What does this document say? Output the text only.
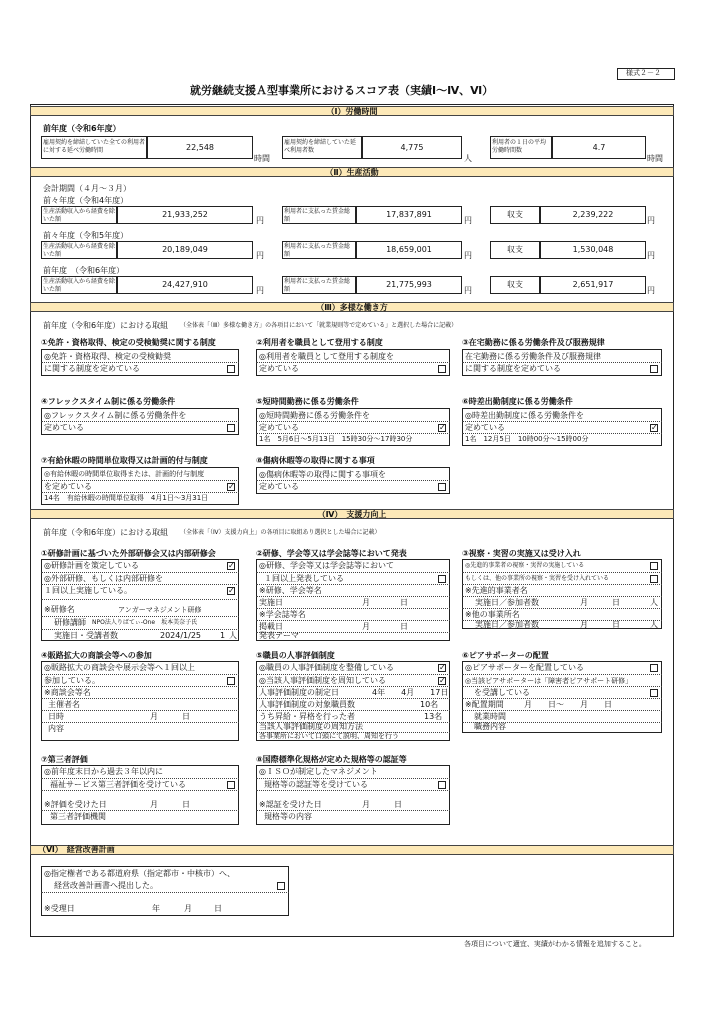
様式２－２
就労継続支援Ａ型事業所におけるスコア表（実績Ⅰ～Ⅳ、Ⅵ）
（Ⅰ）労働時間
前年度（令和6年度）
雇用契約を締結していた全ての利用者に対する延べ労働時間	22,548
時間
雇用契約を締結していた延べ利用者数	4,775
人
利用者の１日の平均労働時間数	4.7
時間
（Ⅱ）生産活動
会計期間（４月～３月）
前々年度（令和4年度）
生産活動収入から経費を除いた額
21,933,252
円
利用者に支払った賃金総額
17,837,891
円
収支	2,239,222
円
前々年度（令和5年度）
生産活動収入から経費を除いた額
20,189,049
円
利用者に支払った賃金総額
18,659,001
円
収支	1,530,048
円
前年度　（令和6年度）
生産活動収入から経費を除いた額
24,427,910
円
利用者に支払った賃金総額
21,775,993
円
収支	2,651,917
円
（Ⅲ）多様な働き方
前年度（令和6年度）における取組 （全体表「（Ⅲ）多様な働き方」の各項目において「就業規則等で定めている」と選択した場合に記載）
①免許・資格取得、検定の受検勧奨に関する制度
◎免許・資格取得、検定の受検勧奨
に関する制度を定めている
②利用者を職員として登用する制度
◎利用者を職員として登用する制度を
定めている
③在宅勤務に係る労働条件及び服務規律
在宅勤務に係る労働条件及び服務規律
に関する制度を定めている
④フレックスタイム制に係る労働条件
◎フレックスタイム制に係る労働条件を
定めている
⑤短時間勤務に係る労働条件
◎短時間勤務に係る労働条件を
定めている	✓
1名　5月6日～5月13日　15時30分～17時30分
⑥時差出勤制度に係る労働条件
◎時差出勤制度に係る労働条件を
定めている	✓
1名　12月5日　10時00分～15時00分
⑦有給休暇の時間単位取得又は計画的付与制度
◎有給休暇の時間単位取得または、計画的付与制度
を定めている	✓
14名　有給休暇の時間単位取得　4月1日～3月31日
⑧傷病休暇等の取得に関する事項
◎傷病休暇等の取得に関する事項を
定めている
（Ⅳ）　支援力向上
前年度（令和6年度）における取組 （全体表「（Ⅳ）支援力向上」の各項目に取組あり選択とした場合に記載）
①研修計画に基づいた外部研修会又は内部研修会
◎研修計画を策定している	✓
◎外部研修、もしくは内部研修を
１回以上実施している。	✓
※研修名	アンガーマネジメント研修
研修講師 NPO法人りばてぃ-One　坂本美奈子氏
実施日・受講者数	2024/1/25 1 人
②研修、学会等又は学会誌等において発表
◎研修、学会等又は学会誌等において
１回以上発表している
※研修、学会等名
実施日	月	日
※学会誌等名
掲載日	月	日
発表テーマ
③視察・実習の実施又は受け入れ
◎先進的事業者の視察・実習の実施している
もしくは、他の事業所の視察・実習を受け入れている
※先進的事業者名
実施日／参加者数	月	日	人
※他の事業所名
実施日／参加者数	月	日	人
④販路拡大の商談会等への参加
◎販路拡大の商談会や展示会等へ１回以上
参加している。
※商談会等名
主催者名
日時	月	日
内容
⑤職員の人事評価制度
◎職員の人事評価制度を整備している	✓
◎当該人事評価制度を周知している	✓
人事評価制度の制定日	4年　　4月　　17日
人事評価制度の対象職員数	10名
うち昇給・昇格を行った者	13名
当該人事評価制度の周知方法
各事業所において口頭にて説明、周知を行う
⑥ピアサポーターの配置
◎ピアサポーターを配置している
◎当該ピアサポーターは「障害者ピアサポート研修」
を受講している
※配置期間	月　　日～　　月　　日
就業時間
職務内容
⑦第三者評価
◎前年度末日から過去３年以内に
福祉サービス第三者評価を受けている
※評価を受けた日	月	日
第三者評価機関
⑧国際標準化規格が定めた規格等の認証等
◎ＩＳＯが制定したマネジメント
規格等の認証等を受けている
※認証を受けた日	月	日
規格等の内容
（Ⅵ）　経営改善計画
◎指定権者である都道府県（指定都市・中核市）へ、
経営改善計画書へ提出した。
※受理日	年	月	日
各項目について適宜、実績がわかる情報を追加すること。
